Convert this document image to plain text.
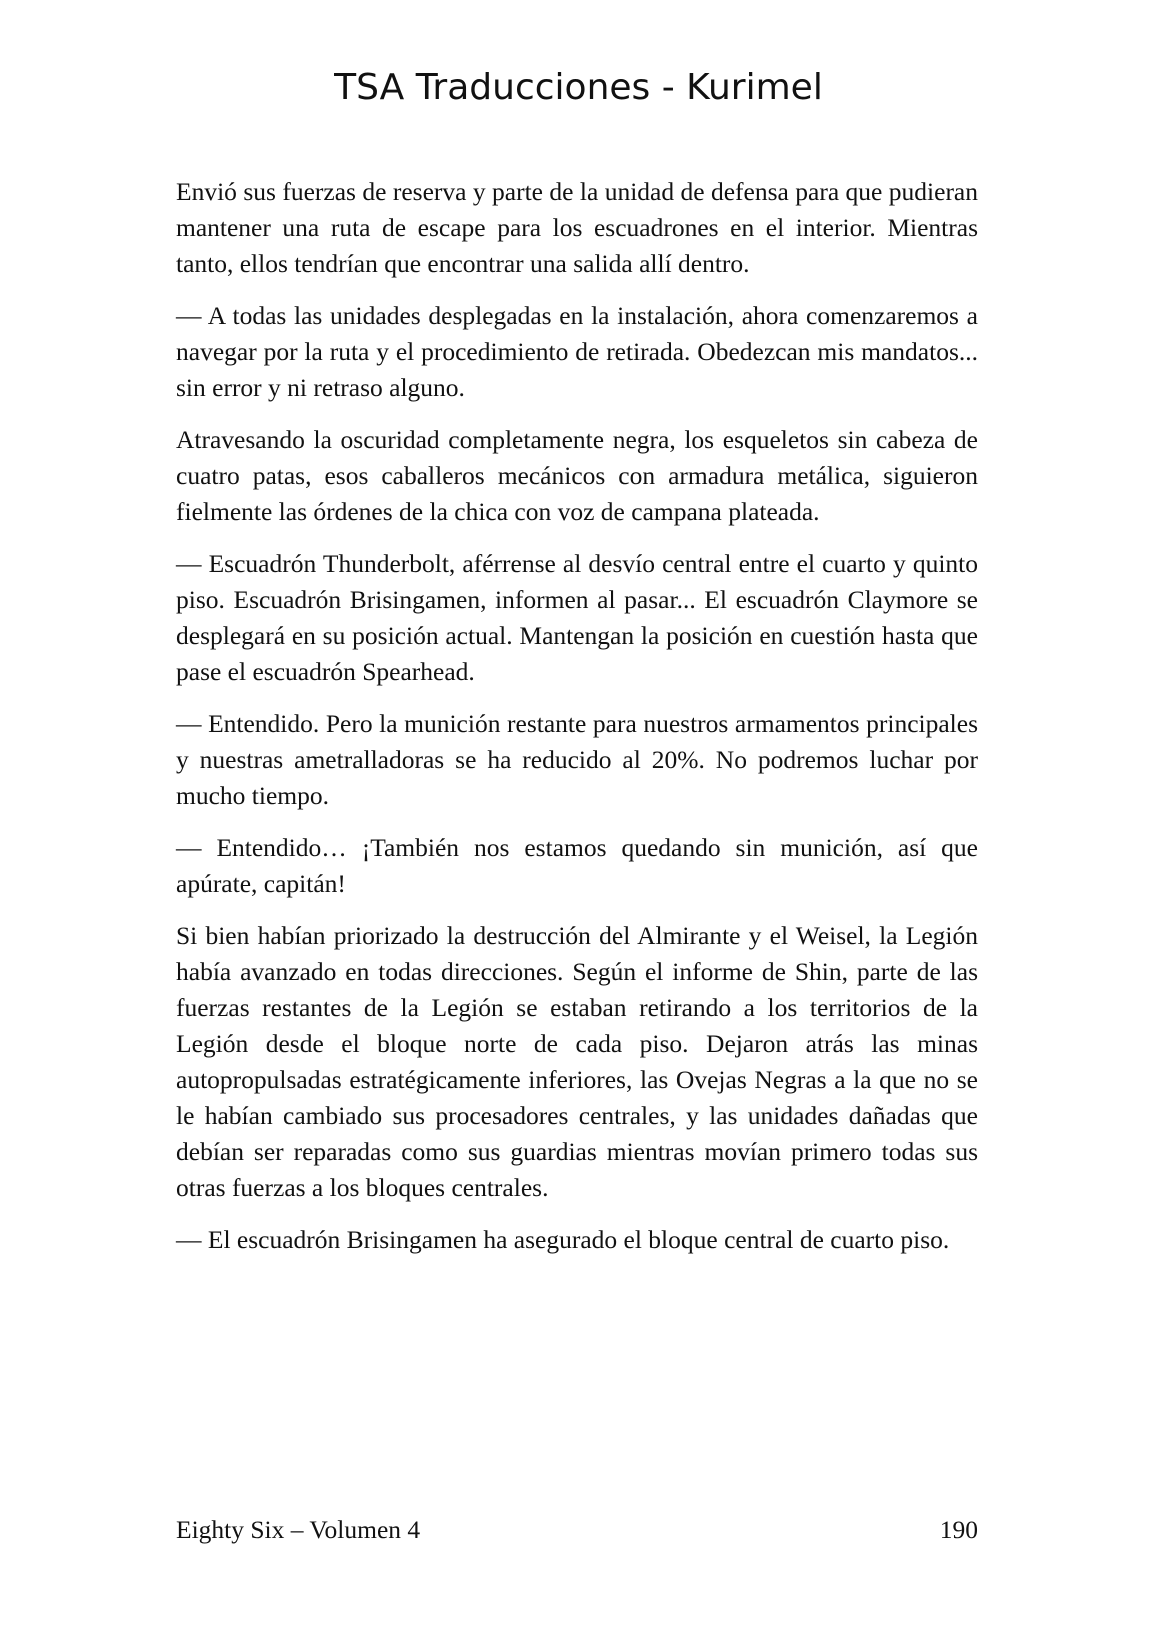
TSA Traducciones - Kurimel

Envió sus fuerzas de reserva y parte de la unidad de defensa para que pudieran mantener una ruta de escape para los escuadrones en el interior. Mientras tanto, ellos tendrían que encontrar una salida allí dentro.

— A todas las unidades desplegadas en la instalación, ahora comenzaremos a navegar por la ruta y el procedimiento de retirada. Obedezcan mis mandatos... sin error y ni retraso alguno.

Atravesando la oscuridad completamente negra, los esqueletos sin cabeza de cuatro patas, esos caballeros mecánicos con armadura metálica, siguieron fielmente las órdenes de la chica con voz de campana plateada.

— Escuadrón Thunderbolt, aférrense al desvío central entre el cuarto y quinto piso. Escuadrón Brisingamen, informen al pasar... El escuadrón Claymore se desplegará en su posición actual. Mantengan la posición en cuestión hasta que pase el escuadrón Spearhead.

— Entendido. Pero la munición restante para nuestros armamentos principales y nuestras ametralladoras se ha reducido al 20%. No podremos luchar por mucho tiempo.

— Entendido… ¡También nos estamos quedando sin munición, así que apúrate, capitán!

Si bien habían priorizado la destrucción del Almirante y el Weisel, la Legión había avanzado en todas direcciones. Según el informe de Shin, parte de las fuerzas restantes de la Legión se estaban retirando a los territorios de la Legión desde el bloque norte de cada piso. Dejaron atrás las minas autopropulsadas estratégicamente inferiores, las Ovejas Negras a la que no se le habían cambiado sus procesadores centrales, y las unidades dañadas que debían ser reparadas como sus guardias mientras movían primero todas sus otras fuerzas a los bloques centrales.

— El escuadrón Brisingamen ha asegurado el bloque central de cuarto piso.

Eighty Six – Volumen 4	190
